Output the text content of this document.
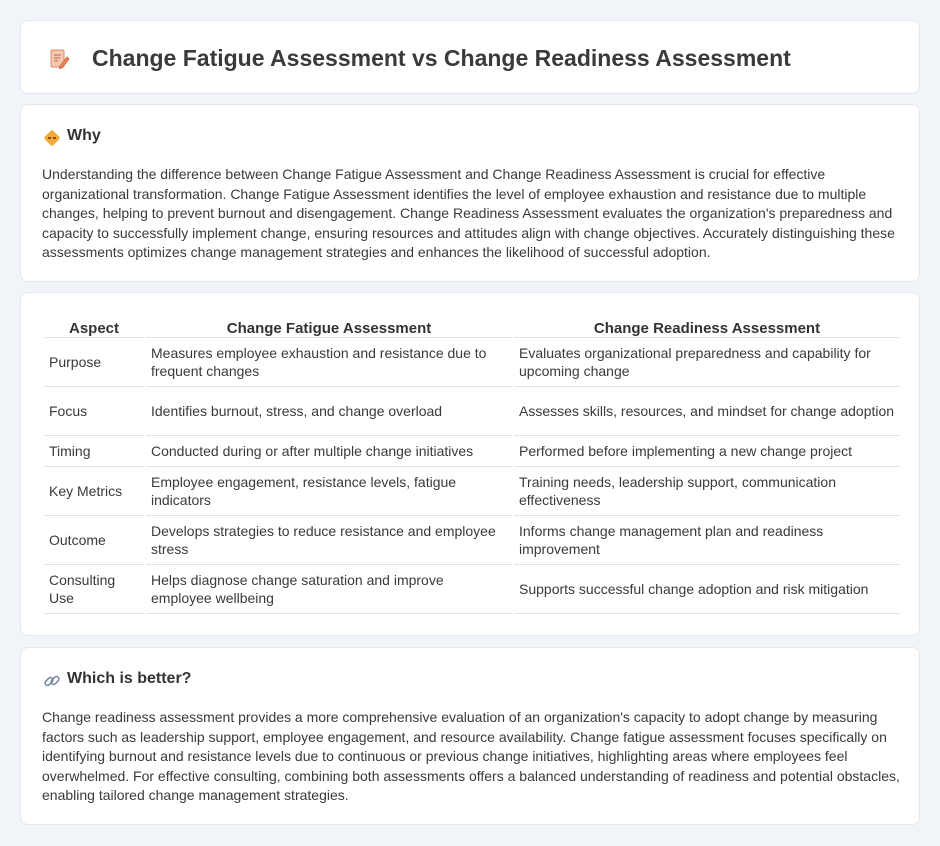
Change Fatigue Assessment vs Change Readiness Assessment
Why

Understanding the difference between Change Fatigue Assessment and Change Readiness Assessment is crucial for effective organizational transformation. Change Fatigue Assessment identifies the level of employee exhaustion and resistance due to multiple changes, helping to prevent burnout and disengagement. Change Readiness Assessment evaluates the organization's preparedness and capacity to successfully implement change, ensuring resources and attitudes align with change objectives. Accurately distinguishing these assessments optimizes change management strategies and enhances the likelihood of successful adoption.

Aspect	Change Fatigue Assessment	Change Readiness Assessment
Purpose	Measures employee exhaustion and resistance due to frequent changes	Evaluates organizational preparedness and capability for upcoming change
Focus	Identifies burnout, stress, and change overload	Assesses skills, resources, and mindset for change adoption
Timing	Conducted during or after multiple change initiatives	Performed before implementing a new change project
Key Metrics	Employee engagement, resistance levels, fatigue indicators	Training needs, leadership support, communication effectiveness
Outcome	Develops strategies to reduce resistance and employee stress	Informs change management plan and readiness improvement
Consulting Use	Helps diagnose change saturation and improve employee wellbeing	Supports successful change adoption and risk mitigation
Which is better?

Change readiness assessment provides a more comprehensive evaluation of an organization's capacity to adopt change by measuring factors such as leadership support, employee engagement, and resource availability. Change fatigue assessment focuses specifically on identifying burnout and resistance levels due to continuous or previous change initiatives, highlighting areas where employees feel overwhelmed. For effective consulting, combining both assessments offers a balanced understanding of readiness and potential obstacles, enabling tailored change management strategies.
